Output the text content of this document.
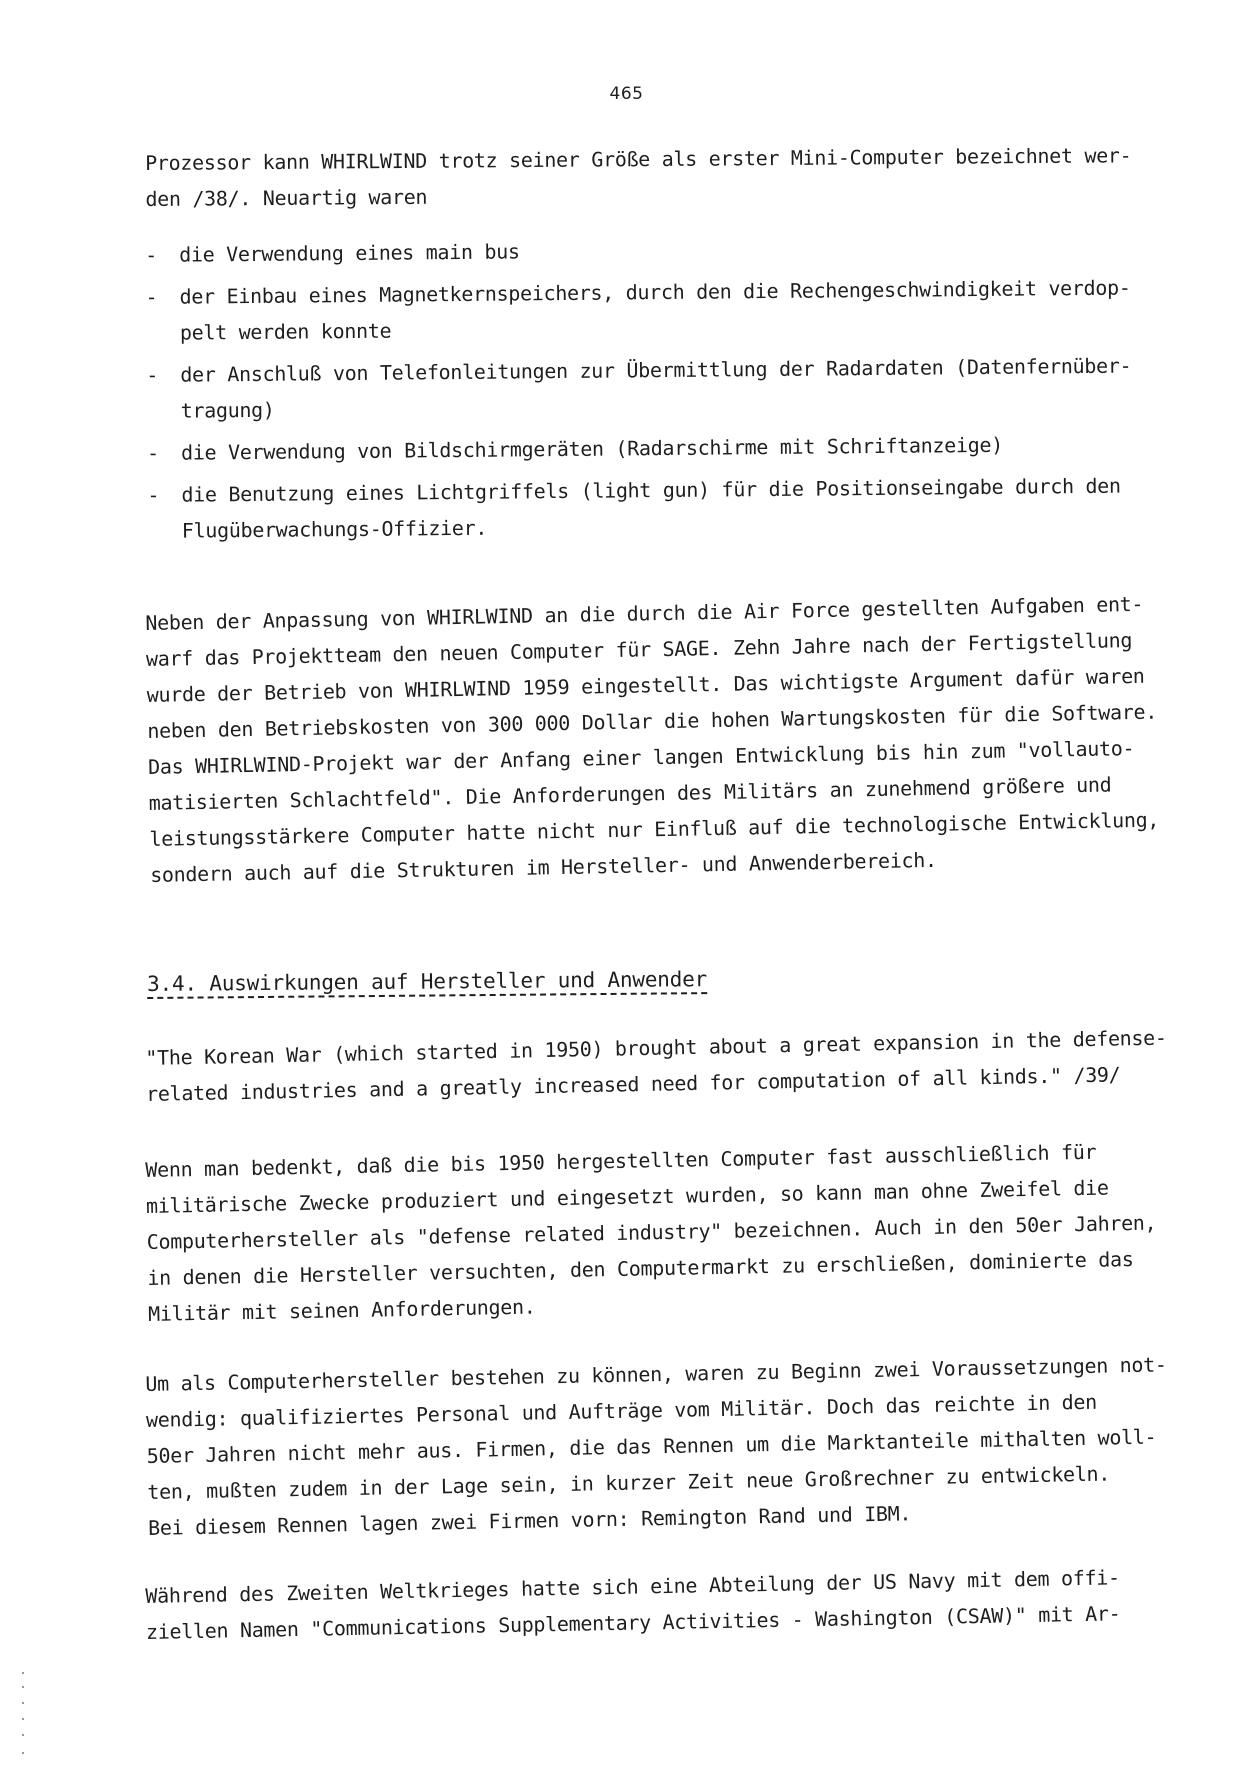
465
Prozessor kann WHIRLWIND trotz seiner Größe als erster Mini-Computer bezeichnet wer-
den /38/. Neuartig waren
- die Verwendung eines main bus
- der Einbau eines Magnetkernspeichers, durch den die Rechengeschwindigkeit verdop-
pelt werden konnte
- der Anschluß von Telefonleitungen zur Übermittlung der Radardaten (Datenfernüber-
tragung)
- die Verwendung von Bildschirmgeräten (Radarschirme mit Schriftanzeige)
- die Benutzung eines Lichtgriffels (light gun) für die Positionseingabe durch den
Flugüberwachungs-Offizier.
Neben der Anpassung von WHIRLWIND an die durch die Air Force gestellten Aufgaben ent-
warf das Projektteam den neuen Computer für SAGE. Zehn Jahre nach der Fertigstellung
wurde der Betrieb von WHIRLWIND 1959 eingestellt. Das wichtigste Argument dafür waren
neben den Betriebskosten von 300 000 Dollar die hohen Wartungskosten für die Software.
Das WHIRLWIND-Projekt war der Anfang einer langen Entwicklung bis hin zum "vollauto-
matisierten Schlachtfeld". Die Anforderungen des Militärs an zunehmend größere und
leistungsstärkere Computer hatte nicht nur Einfluß auf die technologische Entwicklung,
sondern auch auf die Strukturen im Hersteller- und Anwenderbereich.
3.4. Auswirkungen auf Hersteller und Anwender
"The Korean War (which started in 1950) brought about a great expansion in the defense-
related industries and a greatly increased need for computation of all kinds." /39/
Wenn man bedenkt, daß die bis 1950 hergestellten Computer fast ausschließlich für
militärische Zwecke produziert und eingesetzt wurden, so kann man ohne Zweifel die
Computerhersteller als "defense related industry" bezeichnen. Auch in den 50er Jahren,
in denen die Hersteller versuchten, den Computermarkt zu erschließen, dominierte das
Militär mit seinen Anforderungen.
Um als Computerhersteller bestehen zu können, waren zu Beginn zwei Voraussetzungen not-
wendig: qualifiziertes Personal und Aufträge vom Militär. Doch das reichte in den
50er Jahren nicht mehr aus. Firmen, die das Rennen um die Marktanteile mithalten woll-
ten, mußten zudem in der Lage sein, in kurzer Zeit neue Großrechner zu entwickeln.
Bei diesem Rennen lagen zwei Firmen vorn: Remington Rand und IBM.
Während des Zweiten Weltkrieges hatte sich eine Abteilung der US Navy mit dem offi-
ziellen Namen "Communications Supplementary Activities - Washington (CSAW)" mit Ar-
